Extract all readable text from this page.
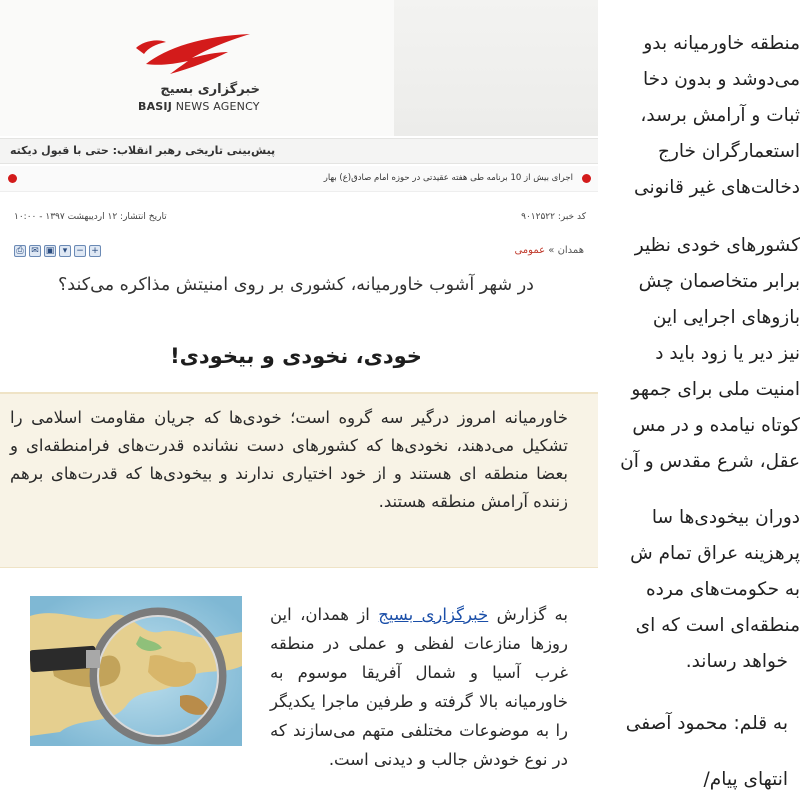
خبرگزاری بسیج
BASIJ NEWS AGENCY
پیش‌بینی تاریخی رهبر انقلاب: حتی با قبول دیکته
اجرای بیش از 10 برنامه طی هفته عقیدتی در حوزه امام صادق(ع) بهار
تاریخ انتشار: ۱۲ اردیبهشت ۱۳۹۷ - ۱۰:۰۰	کد خبر: ۹۰۱۲۵۲۲
⎙ ✉ ▣ ▾ − +	همدان » عمومی
در شهر آشوب خاورمیانه، کشوری بر روی امنیتش مذاکره می‌کند؟
خودی، نخودی و بیخودی!
خاورمیانه امروز درگیر سه گروه است؛ خودی‌ها که جریان مقاومت اسلامی را تشکیل می‌دهند، نخودی‌ها که کشورهای دست نشانده قدرت‌های فرامنطقه‌ای و بعضا منطقه ای هستند و از خود اختیاری ندارند و بیخودی‌ها که قدرت‌های برهم زننده آرامش منطقه هستند.
به گزارش خبرگزاری بسیج از همدان، این روزها منازعات لفظی و عملی در منطقه غرب آسیا و شمال آفریقا موسوم به خاورمیانه بالا گرفته و طرفین ماجرا یکدیگر را به موضوعات مختلفی متهم می‌سازند که در نوع خودش جالب و دیدنی است.
منطقه خاورمیانه بدو
می‌دوشد و بدون دخا
ثبات و آرامش برسد،
استعمارگران خارج
دخالت‌های غیر قانونی
کشورهای خودی نظیر
برابر متخاصمان چش
بازوهای اجرایی این
نیز دیر یا زود باید د
امنیت ملی برای جمهو
کوتاه نیامده و در مس
عقل، شرع مقدس و آن
دوران بیخودی‌ها سا
پرهزینه عراق تمام ش
به حکومت‌های مرده
منطقه‌ای است که ای
خواهد رساند.
به قلم: محمود آصفی
انتهای پیام/
